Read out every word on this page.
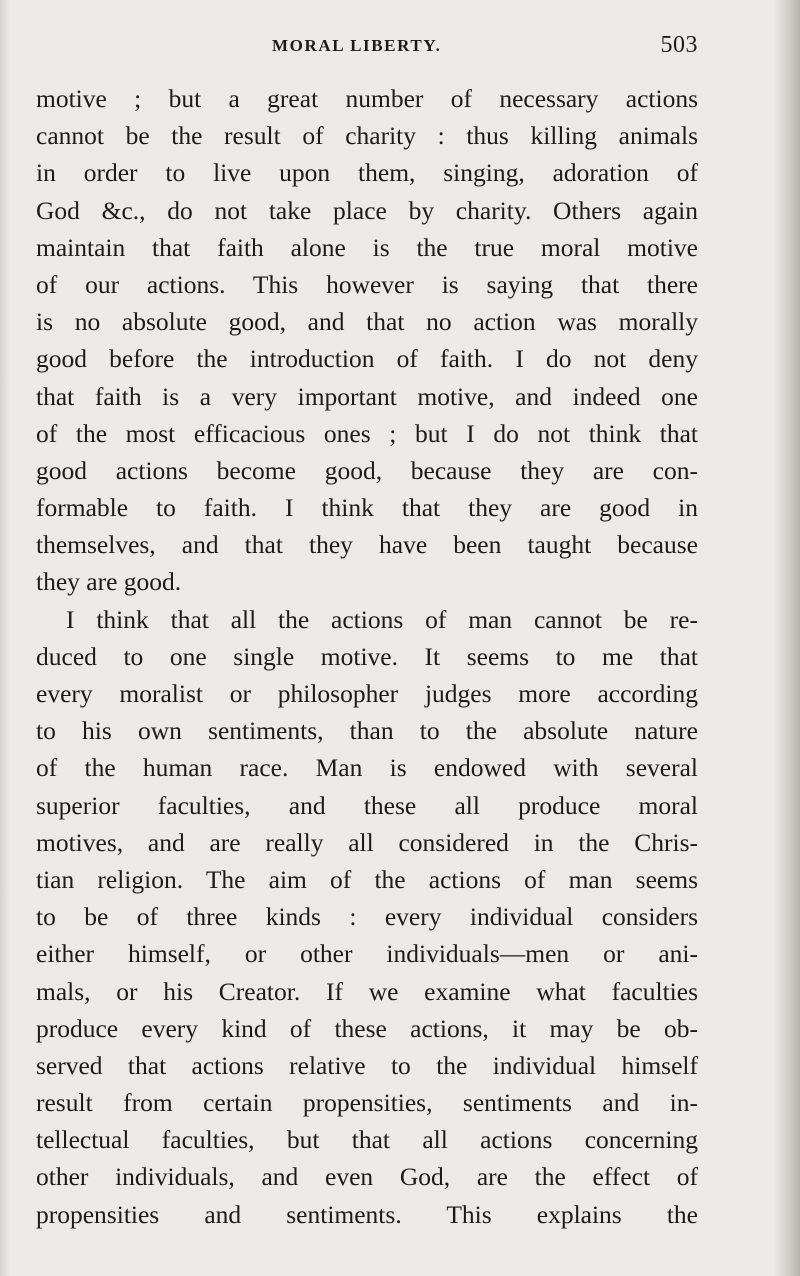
MORAL LIBERTY.	503
motive ; but a great number of necessary actions
cannot be the result of charity : thus killing animals
in order to live upon them, singing, adoration of
God &c., do not take place by charity. Others again
maintain that faith alone is the true moral motive
of our actions. This however is saying that there
is no absolute good, and that no action was morally
good before the introduction of faith. I do not deny
that faith is a very important motive, and indeed one
of the most efficacious ones ; but I do not think that
good actions become good, because they are con-
formable to faith. I think that they are good in
themselves, and that they have been taught because
they are good.
I think that all the actions of man cannot be re-
duced to one single motive. It seems to me that
every moralist or philosopher judges more according
to his own sentiments, than to the absolute nature
of the human race. Man is endowed with several
superior faculties, and these all produce moral
motives, and are really all considered in the Chris-
tian religion. The aim of the actions of man seems
to be of three kinds : every individual considers
either himself, or other individuals—men or ani-
mals, or his Creator. If we examine what faculties
produce every kind of these actions, it may be ob-
served that actions relative to the individual himself
result from certain propensities, sentiments and in-
tellectual faculties, but that all actions concerning
other individuals, and even God, are the effect of
propensities and sentiments. This explains the
